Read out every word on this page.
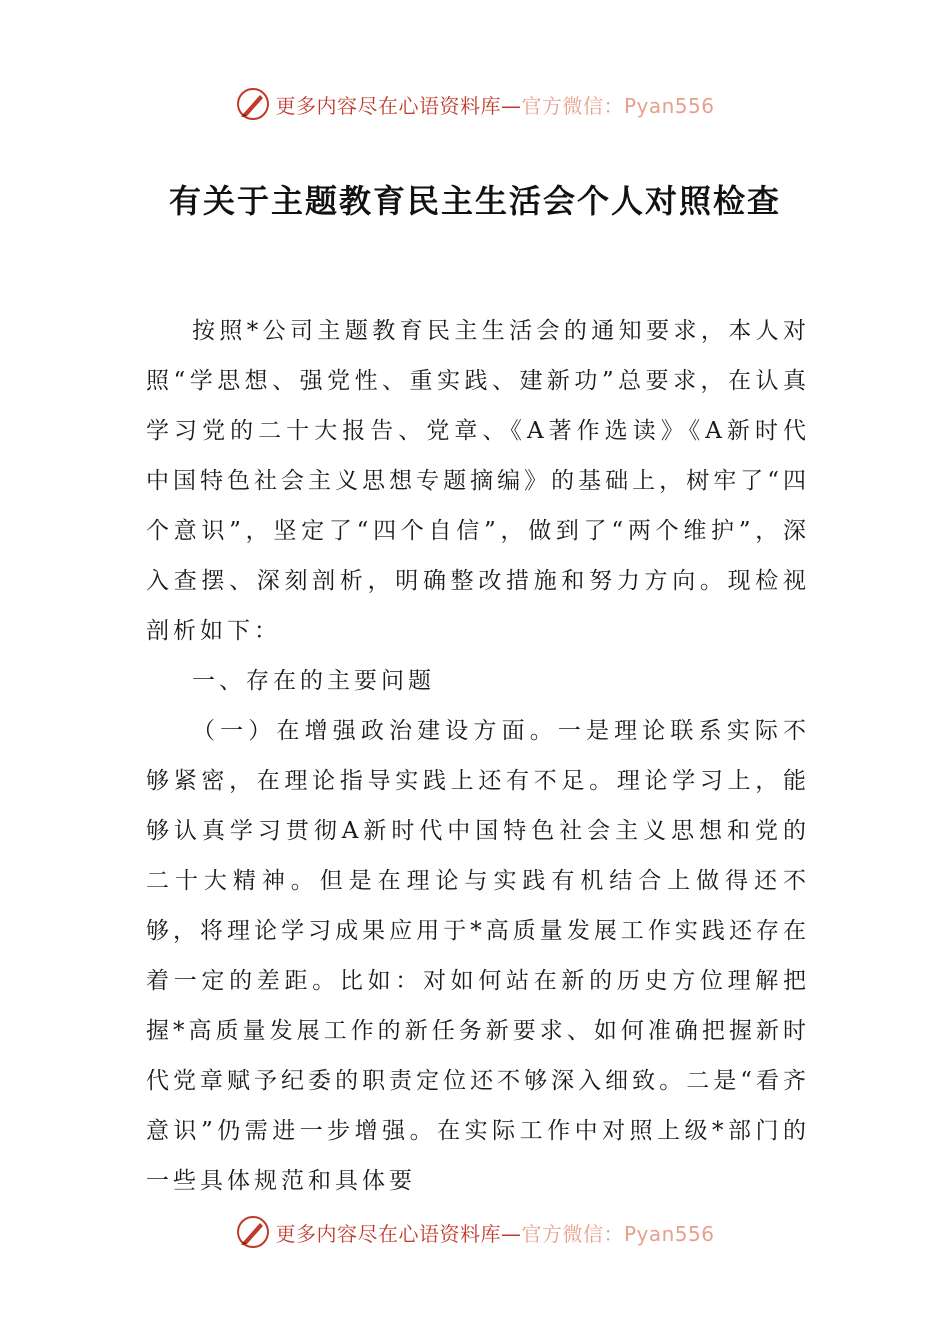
更多内容尽在心语资料库—官方微信：Pyan556
有关于主题教育民主生活会个人对照检查

按照*公司主题教育民主生活会的通知要求，本人对照“学思想、强党性、重实践、建新功”总要求，在认真学习党的二十大报告、党章、《A著作选读》《A新时代中国特色社会主义思想专题摘编》的基础上，树牢了“四个意识”，坚定了“四个自信”，做到了“两个维护”，深入查摆、深刻剖析，明确整改措施和努力方向。现检视剖析如下：

一、存在的主要问题

（一）在增强政治建设方面。一是理论联系实际不够紧密，在理论指导实践上还有不足。理论学习上，能够认真学习贯彻A新时代中国特色社会主义思想和党的二十大精神。但是在理论与实践有机结合上做得还不够，将理论学习成果应用于*高质量发展工作实践还存在着一定的差距。比如：对如何站在新的历史方位理解把握*高质量发展工作的新任务新要求、如何准确把握新时代党章赋予纪委的职责定位还不够深入细致。二是“看齐意识”仍需进一步增强。在实际工作中对照上级*部门的一些具体规范和具体要

更多内容尽在心语资料库—官方微信：Pyan556
